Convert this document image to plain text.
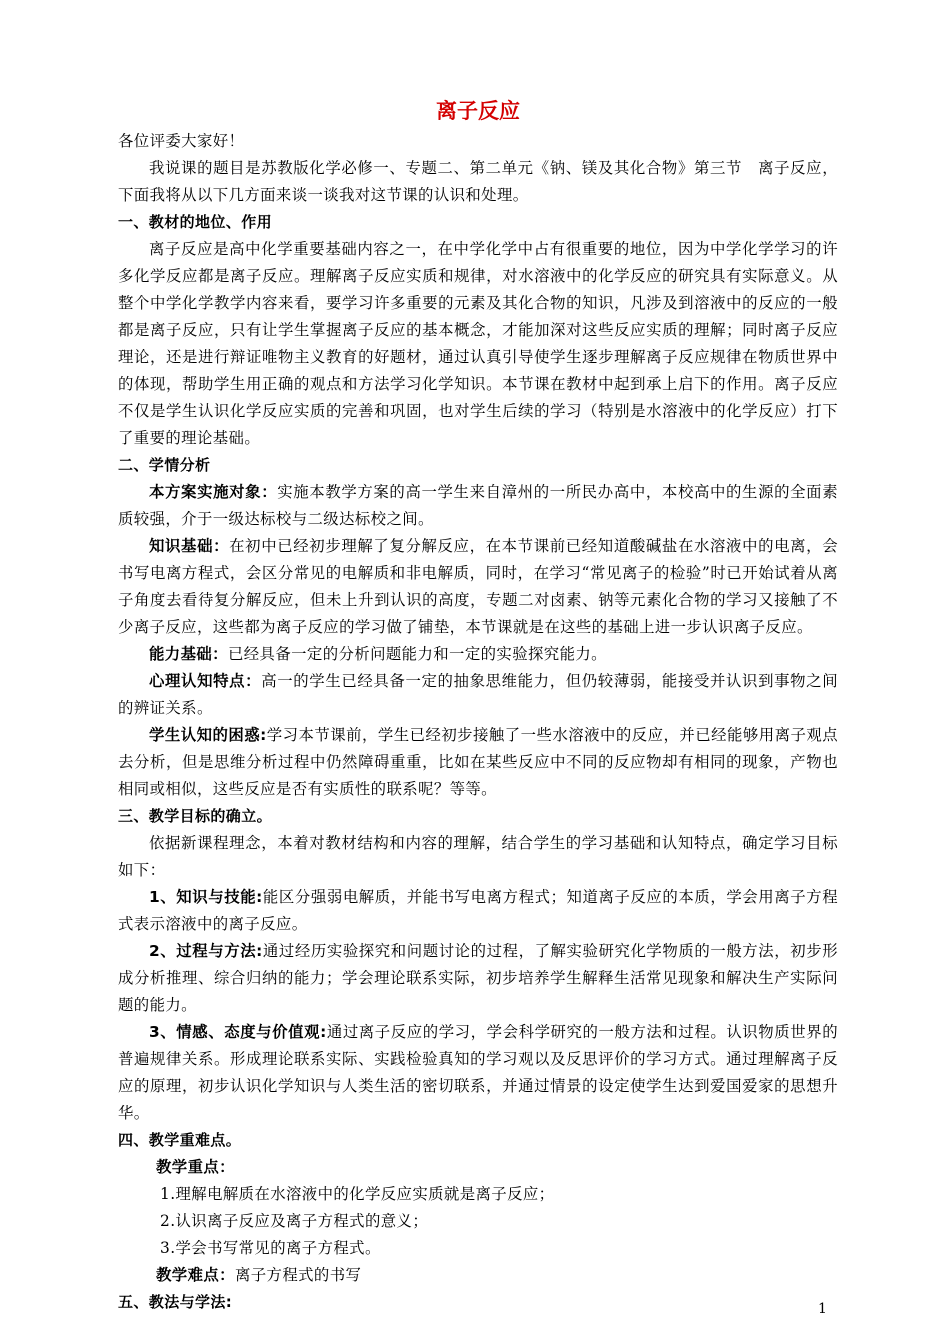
离子反应

各位评委大家好！

我说课的题目是苏教版化学必修一、专题二、第二单元《钠、镁及其化合物》第三节　离子反应，下面我将从以下几方面来谈一谈我对这节课的认识和处理。

一、教材的地位、作用

离子反应是高中化学重要基础内容之一，在中学化学中占有很重要的地位，因为中学化学学习的许多化学反应都是离子反应。理解离子反应实质和规律，对水溶液中的化学反应的研究具有实际意义。从整个中学化学教学内容来看，要学习许多重要的元素及其化合物的知识，凡涉及到溶液中的反应的一般都是离子反应，只有让学生掌握离子反应的基本概念，才能加深对这些反应实质的理解；同时离子反应理论，还是进行辩证唯物主义教育的好题材，通过认真引导使学生逐步理解离子反应规律在物质世界中的体现，帮助学生用正确的观点和方法学习化学知识。本节课在教材中起到承上启下的作用。离子反应不仅是学生认识化学反应实质的完善和巩固，也对学生后续的学习（特别是水溶液中的化学反应）打下了重要的理论基础。

二、学情分析

本方案实施对象：实施本教学方案的高一学生来自漳州的一所民办高中，本校高中的生源的全面素质较强，介于一级达标校与二级达标校之间。

知识基础：在初中已经初步理解了复分解反应，在本节课前已经知道酸碱盐在水溶液中的电离，会书写电离方程式，会区分常见的电解质和非电解质，同时，在学习“常见离子的检验”时已开始试着从离子角度去看待复分解反应，但未上升到认识的高度，专题二对卤素、钠等元素化合物的学习又接触了不少离子反应，这些都为离子反应的学习做了铺垫，本节课就是在这些的基础上进一步认识离子反应。

能力基础：已经具备一定的分析问题能力和一定的实验探究能力。

心理认知特点：高一的学生已经具备一定的抽象思维能力，但仍较薄弱，能接受并认识到事物之间的辨证关系。

学生认知的困惑:学习本节课前，学生已经初步接触了一些水溶液中的反应，并已经能够用离子观点去分析，但是思维分析过程中仍然障碍重重，比如在某些反应中不同的反应物却有相同的现象，产物也相同或相似，这些反应是否有实质性的联系呢？等等。

三、教学目标的确立。

依据新课程理念，本着对教材结构和内容的理解，结合学生的学习基础和认知特点，确定学习目标如下：

1、知识与技能:能区分强弱电解质，并能书写电离方程式；知道离子反应的本质，学会用离子方程式表示溶液中的离子反应。

2、过程与方法:通过经历实验探究和问题讨论的过程，了解实验研究化学物质的一般方法，初步形成分析推理、综合归纳的能力；学会理论联系实际，初步培养学生解释生活常见现象和解决生产实际问题的能力。

3、情感、态度与价值观:通过离子反应的学习，学会科学研究的一般方法和过程。认识物质世界的普遍规律关系。形成理论联系实际、实践检验真知的学习观以及反思评价的学习方式。通过理解离子反应的原理，初步认识化学知识与人类生活的密切联系，并通过情景的设定使学生达到爱国爱家的思想升华。

四、教学重难点。

教学重点：

1.理解电解质在水溶液中的化学反应实质就是离子反应；

2.认识离子反应及离子方程式的意义；

3.学会书写常见的离子方程式。

教学难点：离子方程式的书写

五、教法与学法:	1
